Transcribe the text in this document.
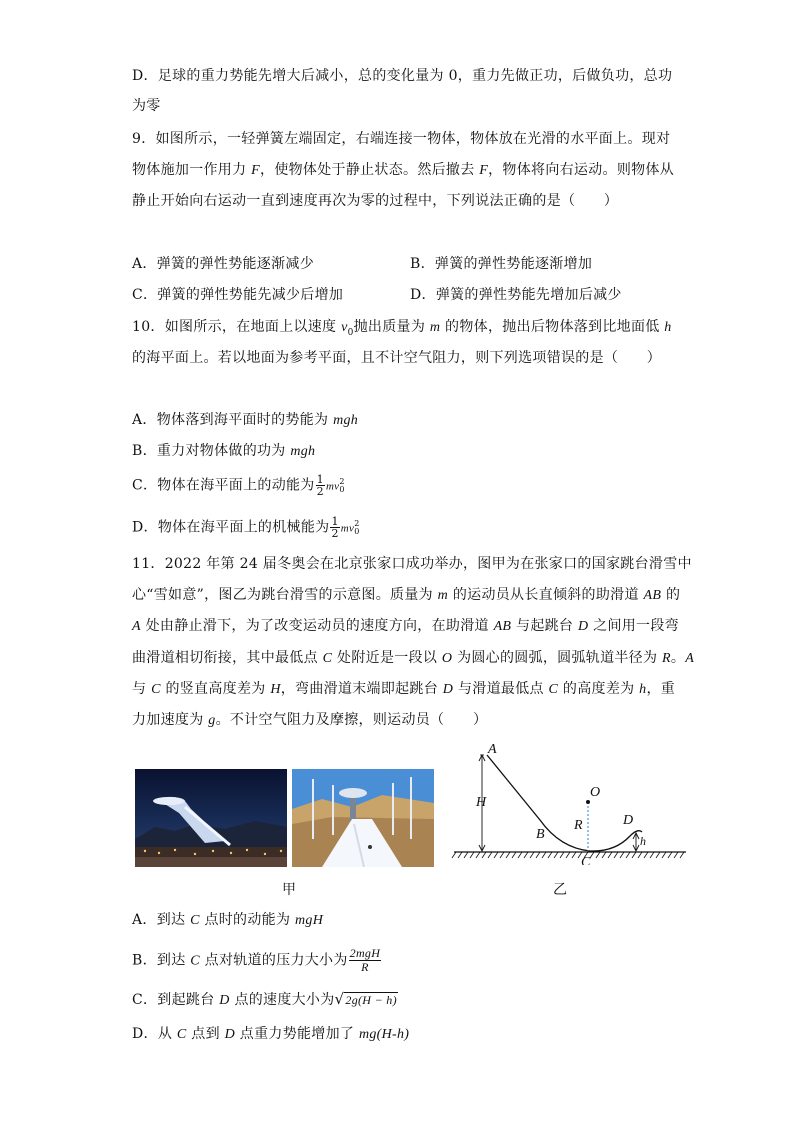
D．足球的重力势能先增大后减小，总的变化量为 0，重力先做正功，后做负功，总功
为零
9．如图所示，一轻弹簧左端固定，右端连接一物体，物体放在光滑的水平面上。现对
物体施加一作用力 F，使物体处于静止状态。然后撤去 F，物体将向右运动。则物体从
静止开始向右运动一直到速度再次为零的过程中，下列说法正确的是（　　）
A．弹簧的弹性势能逐渐减少	B．弹簧的弹性势能逐渐增加
C．弹簧的弹性势能先减少后增加	D．弹簧的弹性势能先增加后减少
10．如图所示，在地面上以速度 $v_0$抛出质量为 m 的物体，抛出后物体落到比地面低 h
的海平面上。若以地面为参考平面，且不计空气阻力，则下列选项错误的是（　　）
A．物体落到海平面时的势能为 mgh
B．重力对物体做的功为 mgh
C．物体在海平面上的动能为 $\frac{1}{2}$ mv 2
0
D．物体在海平面上的机械能为 $\frac{1}{2}$ mv 2
0
11．2022 年第 24 届冬奥会在北京张家口成功举办，图甲为在张家口的国家跳台滑雪中
心“雪如意”，图乙为跳台滑雪的示意图。质量为 m 的运动员从长直倾斜的助滑道 AB 的
A 处由静止滑下，为了改变运动员的速度方向，在助滑道 AB 与起跳台 D 之间用一段弯
曲滑道相切衔接，其中最低点 C 处附近是一段以 O 为圆心的圆弧，圆弧轨道半径为 R。A
与 C 的竖直高度差为 H，弯曲滑道末端即起跳台 D 与滑道最低点 C 的高度差为 h，重
力加速度为 g。不计空气阻力及摩擦，则运动员（　　）
甲	乙
A
B
C
D
O
H
R
h
A．到达 C 点时的动能为 mgH
B．到达 C 点对轨道的压力大小为 $\frac{\text{2mgH}}{R}$
C．到起跳台 D 点的速度大小为√2g(H − h)
D．从 C 点到 D 点重力势能增加了 mg(H-h)
